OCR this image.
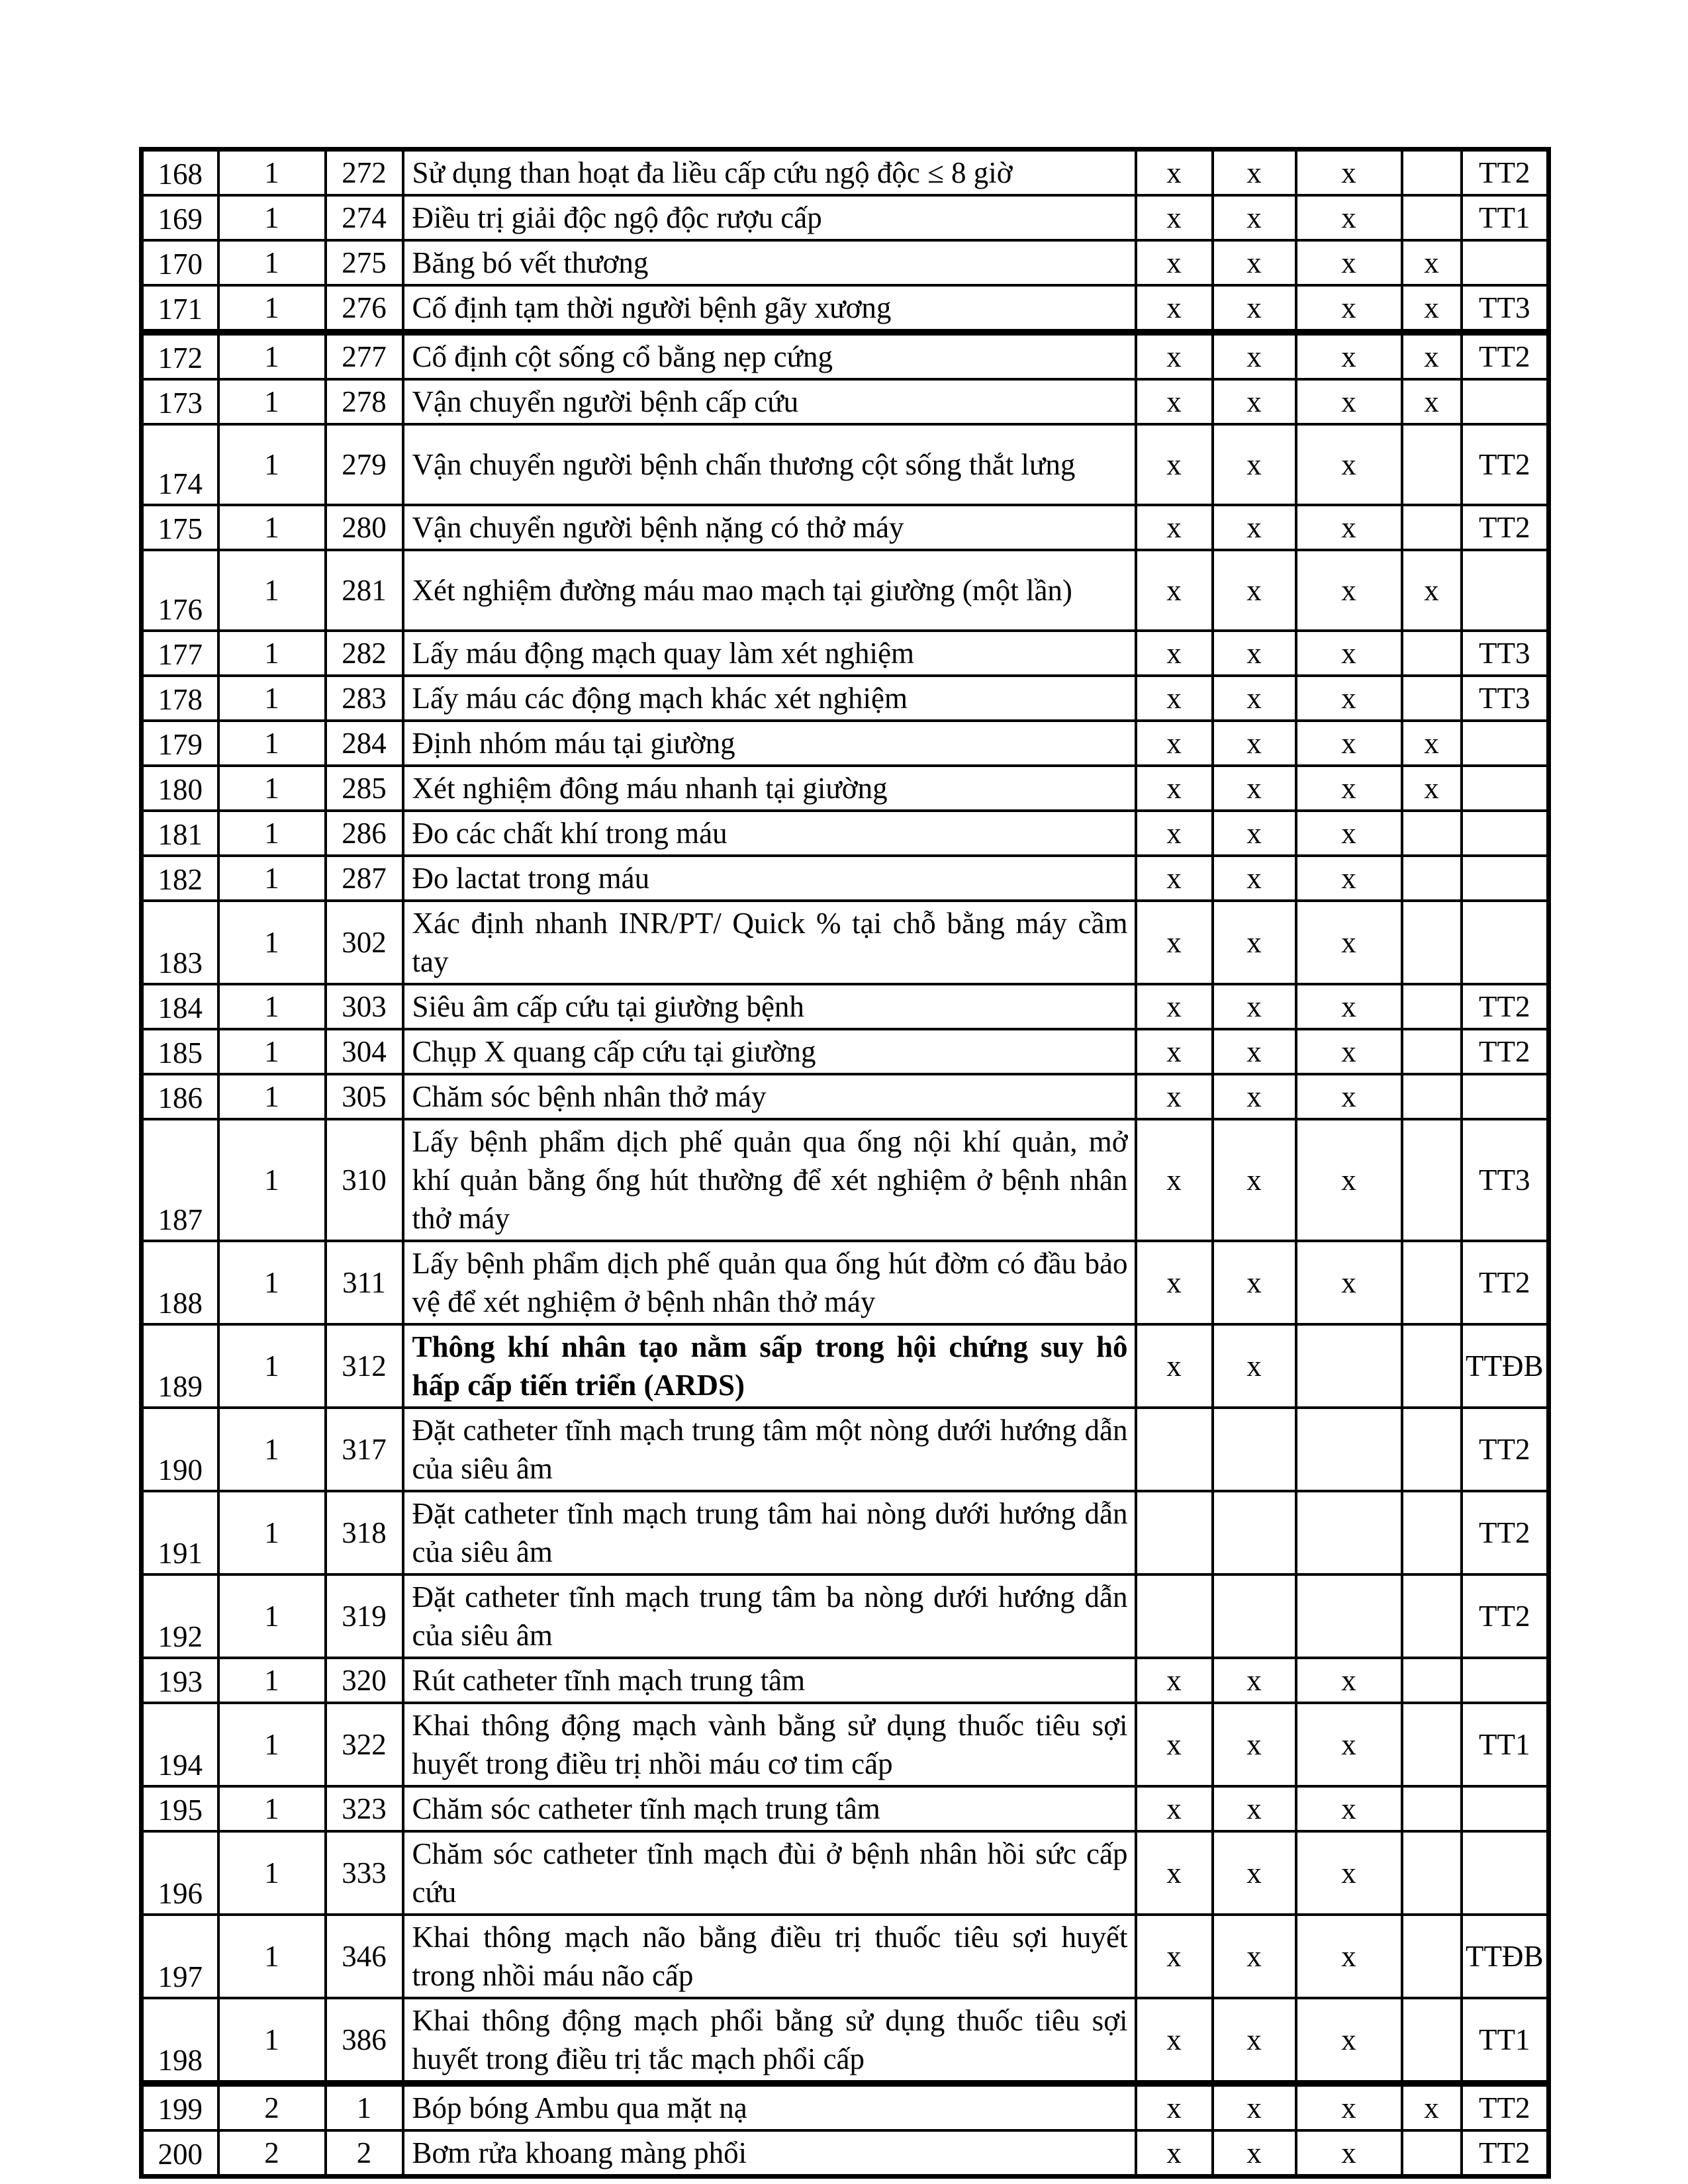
168	1	272	Sử dụng than hoạt đa liều cấp cứu ngộ độc ≤ 8 giờ	x	x	x		TT2
169	1	274	Điều trị giải độc ngộ độc rượu cấp	x	x	x		TT1
170	1	275	Băng bó vết thương	x	x	x	x	
171	1	276	Cố định tạm thời người bệnh gãy xương	x	x	x	x	TT3
172	1	277	Cố định cột sống cổ bằng nẹp cứng	x	x	x	x	TT2
173	1	278	Vận chuyển người bệnh cấp cứu	x	x	x	x	
174	1	279	Vận chuyển người bệnh chấn thương cột sống thắt lưng	x	x	x		TT2
175	1	280	Vận chuyển người bệnh nặng có thở máy	x	x	x		TT2
176	1	281	Xét nghiệm đường máu mao mạch tại giường (một lần)	x	x	x	x	
177	1	282	Lấy máu động mạch quay làm xét nghiệm	x	x	x		TT3
178	1	283	Lấy máu các động mạch khác xét nghiệm	x	x	x		TT3
179	1	284	Định nhóm máu tại giường	x	x	x	x	
180	1	285	Xét nghiệm đông máu nhanh tại giường	x	x	x	x	
181	1	286	Đo các chất khí trong máu	x	x	x		
182	1	287	Đo lactat trong máu	x	x	x		
183	1	302	Xác định nhanh INR/PT/ Quick % tại chỗ bằng máy cầm tay	x	x	x		
184	1	303	Siêu âm cấp cứu tại giường bệnh	x	x	x		TT2
185	1	304	Chụp X quang cấp cứu tại giường	x	x	x		TT2
186	1	305	Chăm sóc bệnh nhân thở máy	x	x	x		
187	1	310	Lấy bệnh phẩm dịch phế quản qua ống nội khí quản, mở khí quản bằng ống hút thường để xét nghiệm ở bệnh nhân thở máy	x	x	x		TT3
188	1	311	Lấy bệnh phẩm dịch phế quản qua ống hút đờm có đầu bảo vệ để xét nghiệm ở bệnh nhân thở máy	x	x	x		TT2
189	1	312	Thông khí nhân tạo nằm sấp trong hội chứng suy hô hấp cấp tiến triển (ARDS)	x	x			TTĐB
190	1	317	Đặt catheter tĩnh mạch trung tâm một nòng dưới hướng dẫn của siêu âm					TT2
191	1	318	Đặt catheter tĩnh mạch trung tâm hai nòng dưới hướng dẫn của siêu âm					TT2
192	1	319	Đặt catheter tĩnh mạch trung tâm ba nòng dưới hướng dẫn của siêu âm					TT2
193	1	320	Rút catheter tĩnh mạch trung tâm	x	x	x		
194	1	322	Khai thông động mạch vành bằng sử dụng thuốc tiêu sợi huyết trong điều trị nhồi máu cơ tim cấp	x	x	x		TT1
195	1	323	Chăm sóc catheter tĩnh mạch trung tâm	x	x	x		
196	1	333	Chăm sóc catheter tĩnh mạch đùi ở bệnh nhân hồi sức cấp cứu	x	x	x		
197	1	346	Khai thông mạch não bằng điều trị thuốc tiêu sợi huyết trong nhồi máu não cấp	x	x	x		TTĐB
198	1	386	Khai thông động mạch phổi bằng sử dụng thuốc tiêu sợi huyết trong điều trị tắc mạch phổi cấp	x	x	x		TT1
199	2	1	Bóp bóng Ambu qua mặt nạ	x	x	x	x	TT2
200	2	2	Bơm rửa khoang màng phổi	x	x	x		TT2
